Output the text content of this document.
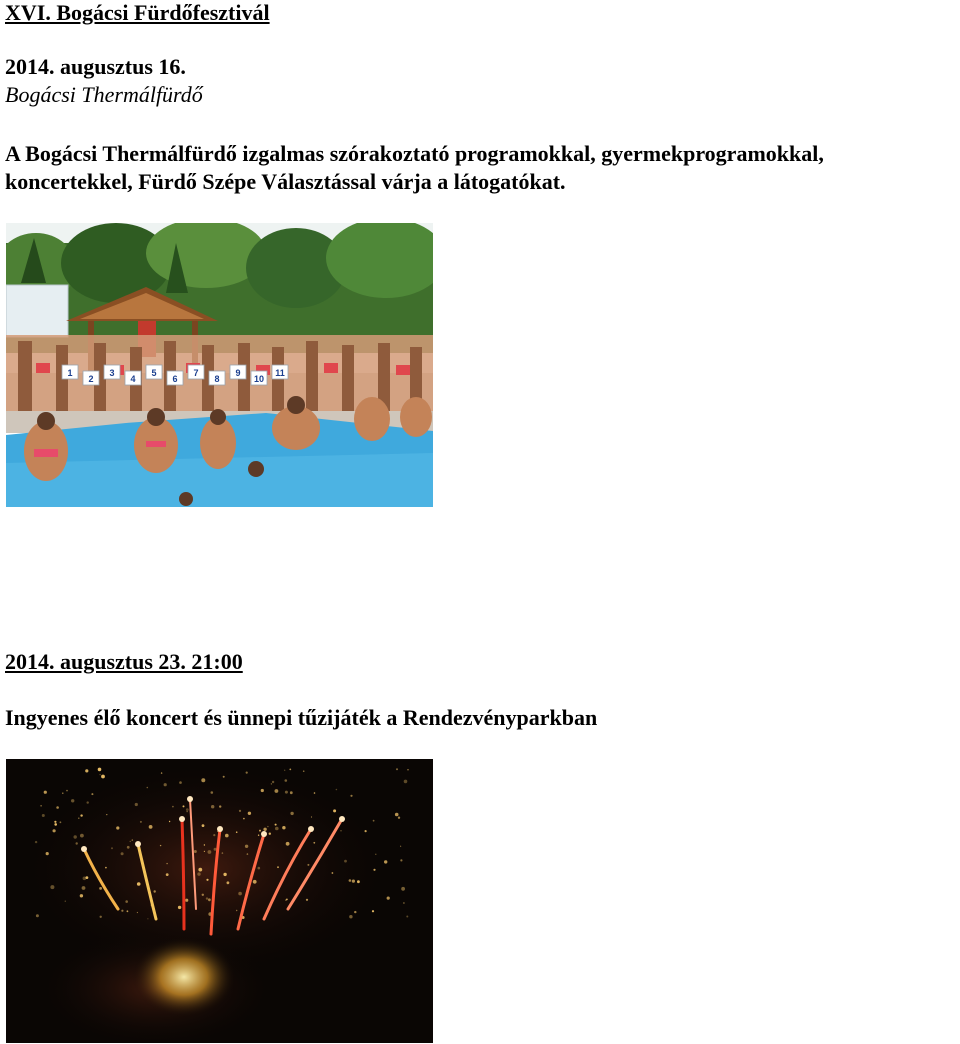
XVI. Bogácsi Fürdőfesztivál

2014. augusztus 16.

Bogácsi Thermálfürdő

A Bogácsi Thermálfürdő izgalmas szórakoztató programokkal, gyermekprogramokkal,

koncertekkel, Fürdő Szépe Választással várja a látogatókat.

1
2
3
4
5
6
7
8
9
10
11

2014. augusztus 23. 21:00

Ingyenes élő koncert és ünnepi tűzijáték a Rendezvényparkban
